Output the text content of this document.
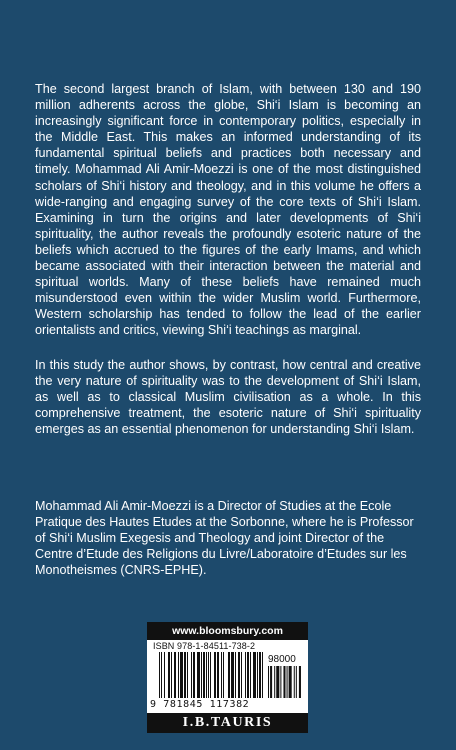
The second largest branch of Islam, with between 130 and 190 million adherents across the globe, Shi‘i Islam is becoming an increasingly significant force in contemporary politics, especially in the Middle East. This makes an informed understanding of its fundamental spiritual beliefs and practices both necessary and timely. Mohammad Ali Amir-Moezzi is one of the most distinguished scholars of Shi‘i history and theology, and in this volume he offers a wide-ranging and engaging survey of the core texts of Shi‘i Islam. Examining in turn the origins and later developments of Shi‘i spirituality, the author reveals the profoundly esoteric nature of the beliefs which accrued to the figures of the early Imams, and which became associated with their interaction between the material and spiritual worlds. Many of these beliefs have remained much misunderstood even within the wider Muslim world. Furthermore, Western scholarship has tended to follow the lead of the earlier orientalists and critics, viewing Shi‘i teachings as marginal.

In this study the author shows, by contrast, how central and creative the very nature of spirituality was to the development of Shi‘i Islam, as well as to classical Muslim civilisation as a whole. In this comprehensive treatment, the esoteric nature of Shi‘i spirituality emerges as an essential phenomenon for understanding Shi‘i Islam.

Mohammad Ali Amir-Moezzi is a Director of Studies at the Ecole Pratique des Hautes Etudes at the Sorbonne, where he is Professor of Shi‘i Muslim Exegesis and Theology and joint Director of the Centre d’Etude des Religions du Livre/Laboratoire d’Etudes sur les Monotheismes (CNRS-EPHE).

www.bloomsbury.com
ISBN 978-1-84511-738-2
98000
9 781845 117382
I.B.TAURIS
